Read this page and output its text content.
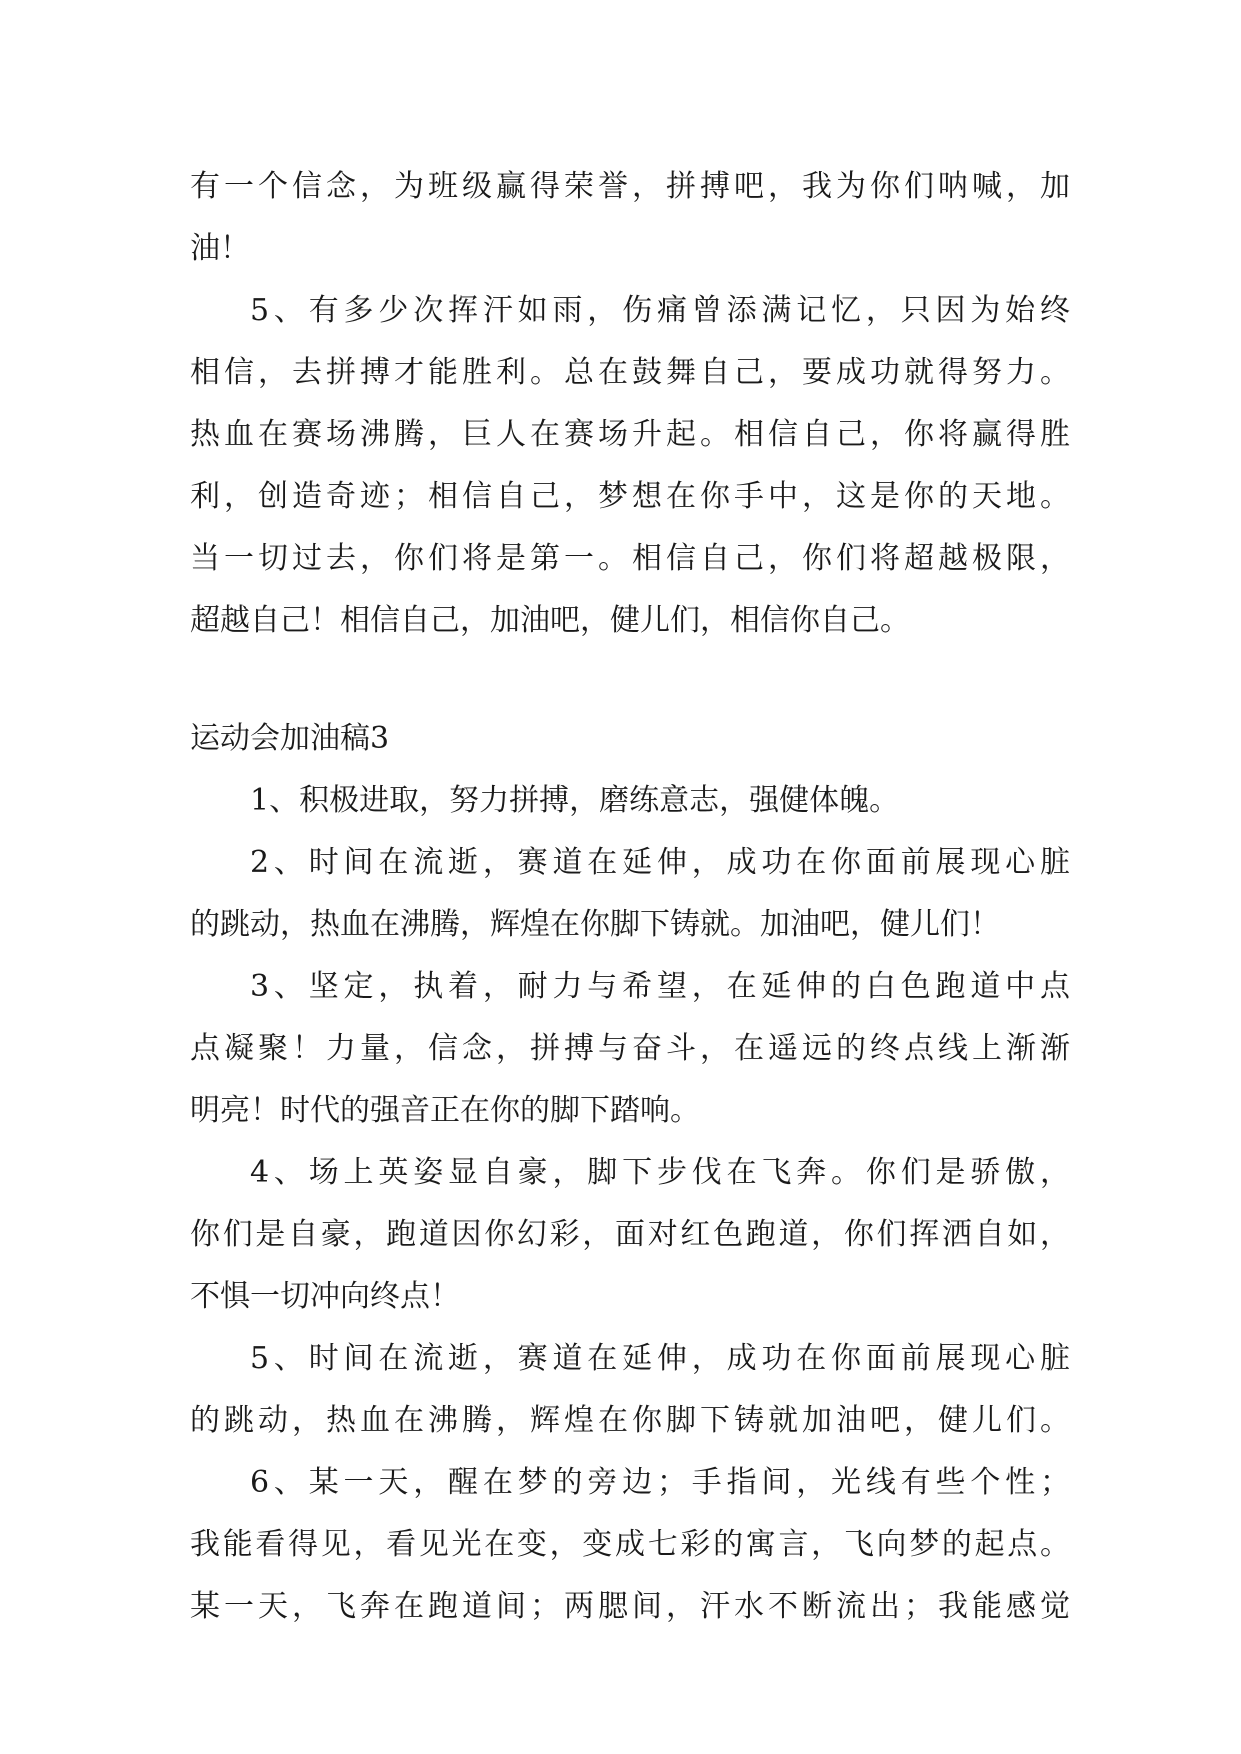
有一个信念，为班级赢得荣誉，拼搏吧，我为你们呐喊，加
油！
5、有多少次挥汗如雨，伤痛曾添满记忆，只因为始终
相信，去拼搏才能胜利。总在鼓舞自己，要成功就得努力。
热血在赛场沸腾，巨人在赛场升起。相信自己，你将赢得胜
利，创造奇迹；相信自己，梦想在你手中，这是你的天地。
当一切过去，你们将是第一。相信自己，你们将超越极限，
超越自己！相信自己，加油吧，健儿们，相信你自己。
运动会加油稿3
1、积极进取，努力拼搏，磨练意志，强健体魄。
2、时间在流逝，赛道在延伸，成功在你面前展现心脏
的跳动，热血在沸腾，辉煌在你脚下铸就。加油吧，健儿们！
3、坚定，执着，耐力与希望，在延伸的白色跑道中点
点凝聚！力量，信念，拼搏与奋斗，在遥远的终点线上渐渐
明亮！时代的强音正在你的脚下踏响。
4、场上英姿显自豪，脚下步伐在飞奔。你们是骄傲，
你们是自豪，跑道因你幻彩，面对红色跑道，你们挥洒自如，
不惧一切冲向终点！
5、时间在流逝，赛道在延伸，成功在你面前展现心脏
的跳动，热血在沸腾，辉煌在你脚下铸就加油吧，健儿们。
6、某一天，醒在梦的旁边；手指间，光线有些个性；
我能看得见，看见光在变，变成七彩的寓言，飞向梦的起点。
某一天，飞奔在跑道间；两腮间，汗水不断流出；我能感觉
